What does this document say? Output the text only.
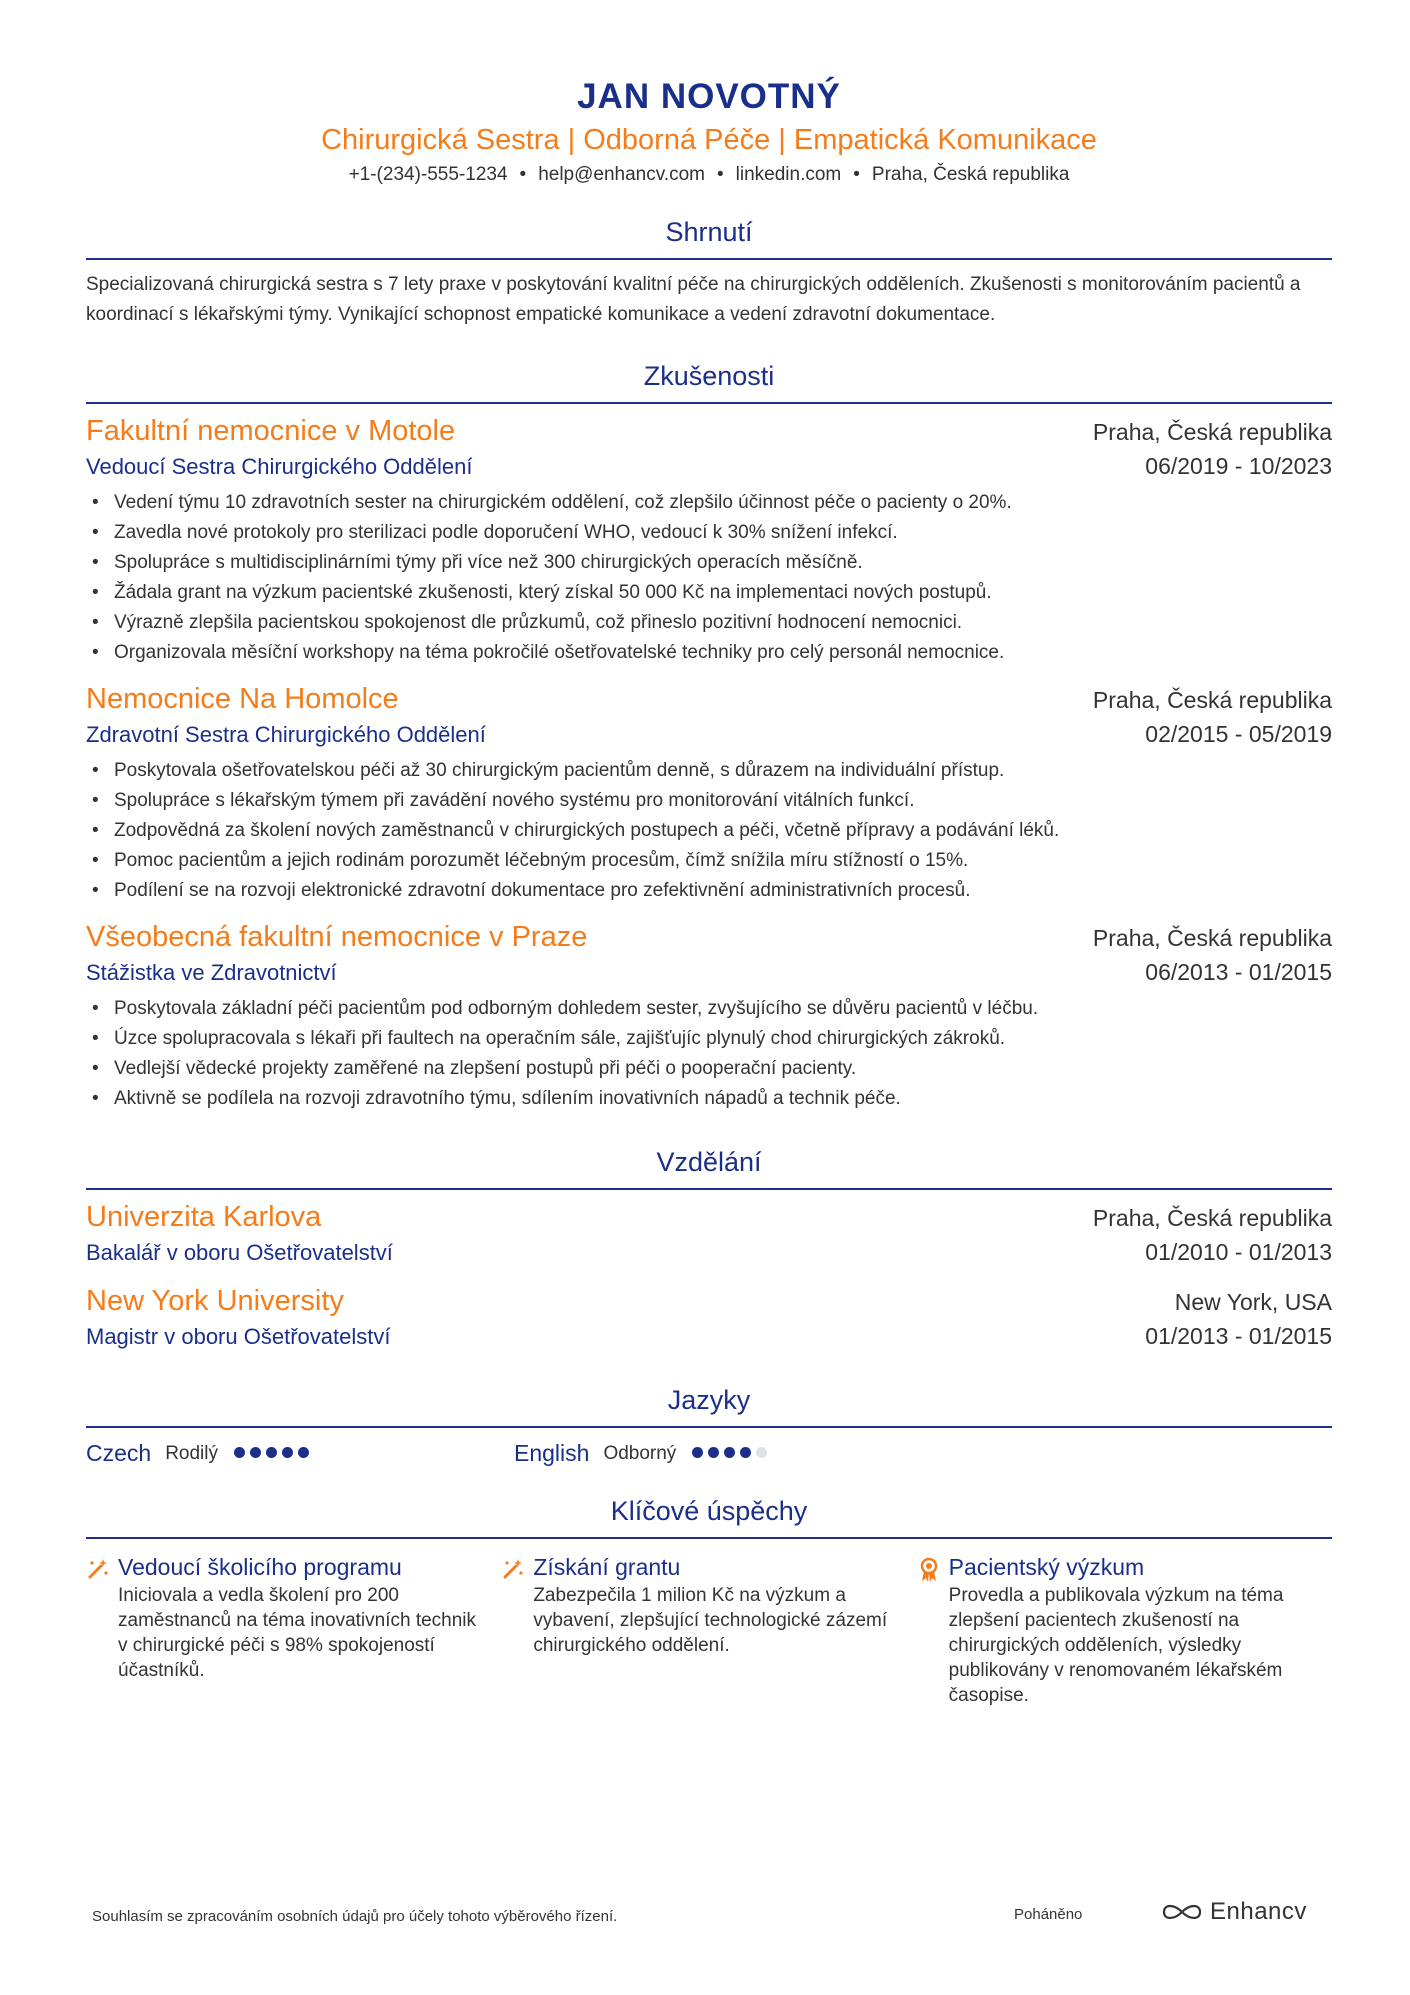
JAN NOVOTNÝ
Chirurgická Sestra | Odborná Péče | Empatická Komunikace
+1-(234)-555-1234 • help@enhancv.com • linkedin.com • Praha, Česká republika
Shrnutí
Specializovaná chirurgická sestra s 7 lety praxe v poskytování kvalitní péče na chirurgických odděleních. Zkušenosti s monitorováním pacientů a koordinací s lékařskými týmy. Vynikající schopnost empatické komunikace a vedení zdravotní dokumentace.
Zkušenosti
Fakultní nemocnice v Motole	Praha, Česká republika
Vedoucí Sestra Chirurgického Oddělení	06/2019 - 10/2023
• Vedení týmu 10 zdravotních sester na chirurgickém oddělení, což zlepšilo účinnost péče o pacienty o 20%.
• Zavedla nové protokoly pro sterilizaci podle doporučení WHO, vedoucí k 30% snížení infekcí.
• Spolupráce s multidisciplinárními týmy při více než 300 chirurgických operacích měsíčně.
• Žádala grant na výzkum pacientské zkušenosti, který získal 50 000 Kč na implementaci nových postupů.
• Výrazně zlepšila pacientskou spokojenost dle průzkumů, což přineslo pozitivní hodnocení nemocnici.
• Organizovala měsíční workshopy na téma pokročilé ošetřovatelské techniky pro celý personál nemocnice.
Nemocnice Na Homolce	Praha, Česká republika
Zdravotní Sestra Chirurgického Oddělení	02/2015 - 05/2019
• Poskytovala ošetřovatelskou péči až 30 chirurgickým pacientům denně, s důrazem na individuální přístup.
• Spolupráce s lékařským týmem při zavádění nového systému pro monitorování vitálních funkcí.
• Zodpovědná za školení nových zaměstnanců v chirurgických postupech a péči, včetně přípravy a podávání léků.
• Pomoc pacientům a jejich rodinám porozumět léčebným procesům, čímž snížila míru stížností o 15%.
• Podílení se na rozvoji elektronické zdravotní dokumentace pro zefektivnění administrativních procesů.
Všeobecná fakultní nemocnice v Praze	Praha, Česká republika
Stážistka ve Zdravotnictví	06/2013 - 01/2015
• Poskytovala základní péči pacientům pod odborným dohledem sester, zvyšujícího se důvěru pacientů v léčbu.
• Úzce spolupracovala s lékaři při faultech na operačním sále, zajišťujíc plynulý chod chirurgických zákroků.
• Vedlejší vědecké projekty zaměřené na zlepšení postupů při péči o pooperační pacienty.
• Aktivně se podílela na rozvoji zdravotního týmu, sdílením inovativních nápadů a technik péče.
Vzdělání
Univerzita Karlova	Praha, Česká republika
Bakalář v oboru Ošetřovatelství	01/2010 - 01/2013
New York University	New York, USA
Magistr v oboru Ošetřovatelství	01/2013 - 01/2015
Jazyky
Czech Rodilý	English Odborný
Klíčové úspěchy
Vedoucí školicího programu
Iniciovala a vedla školení pro 200 zaměstnanců na téma inovativních technik v chirurgické péči s 98% spokojeností účastníků.
Získání grantu
Zabezpečila 1 milion Kč na výzkum a vybavení, zlepšující technologické zázemí chirurgického oddělení.
Pacientský výzkum
Provedla a publikovala výzkum na téma zlepšení pacientech zkušeností na chirurgických odděleních, výsledky publikovány v renomovaném lékařském časopise.
Souhlasím se zpracováním osobních údajů pro účely tohoto výběrového řízení.	Poháněno	Enhancv
